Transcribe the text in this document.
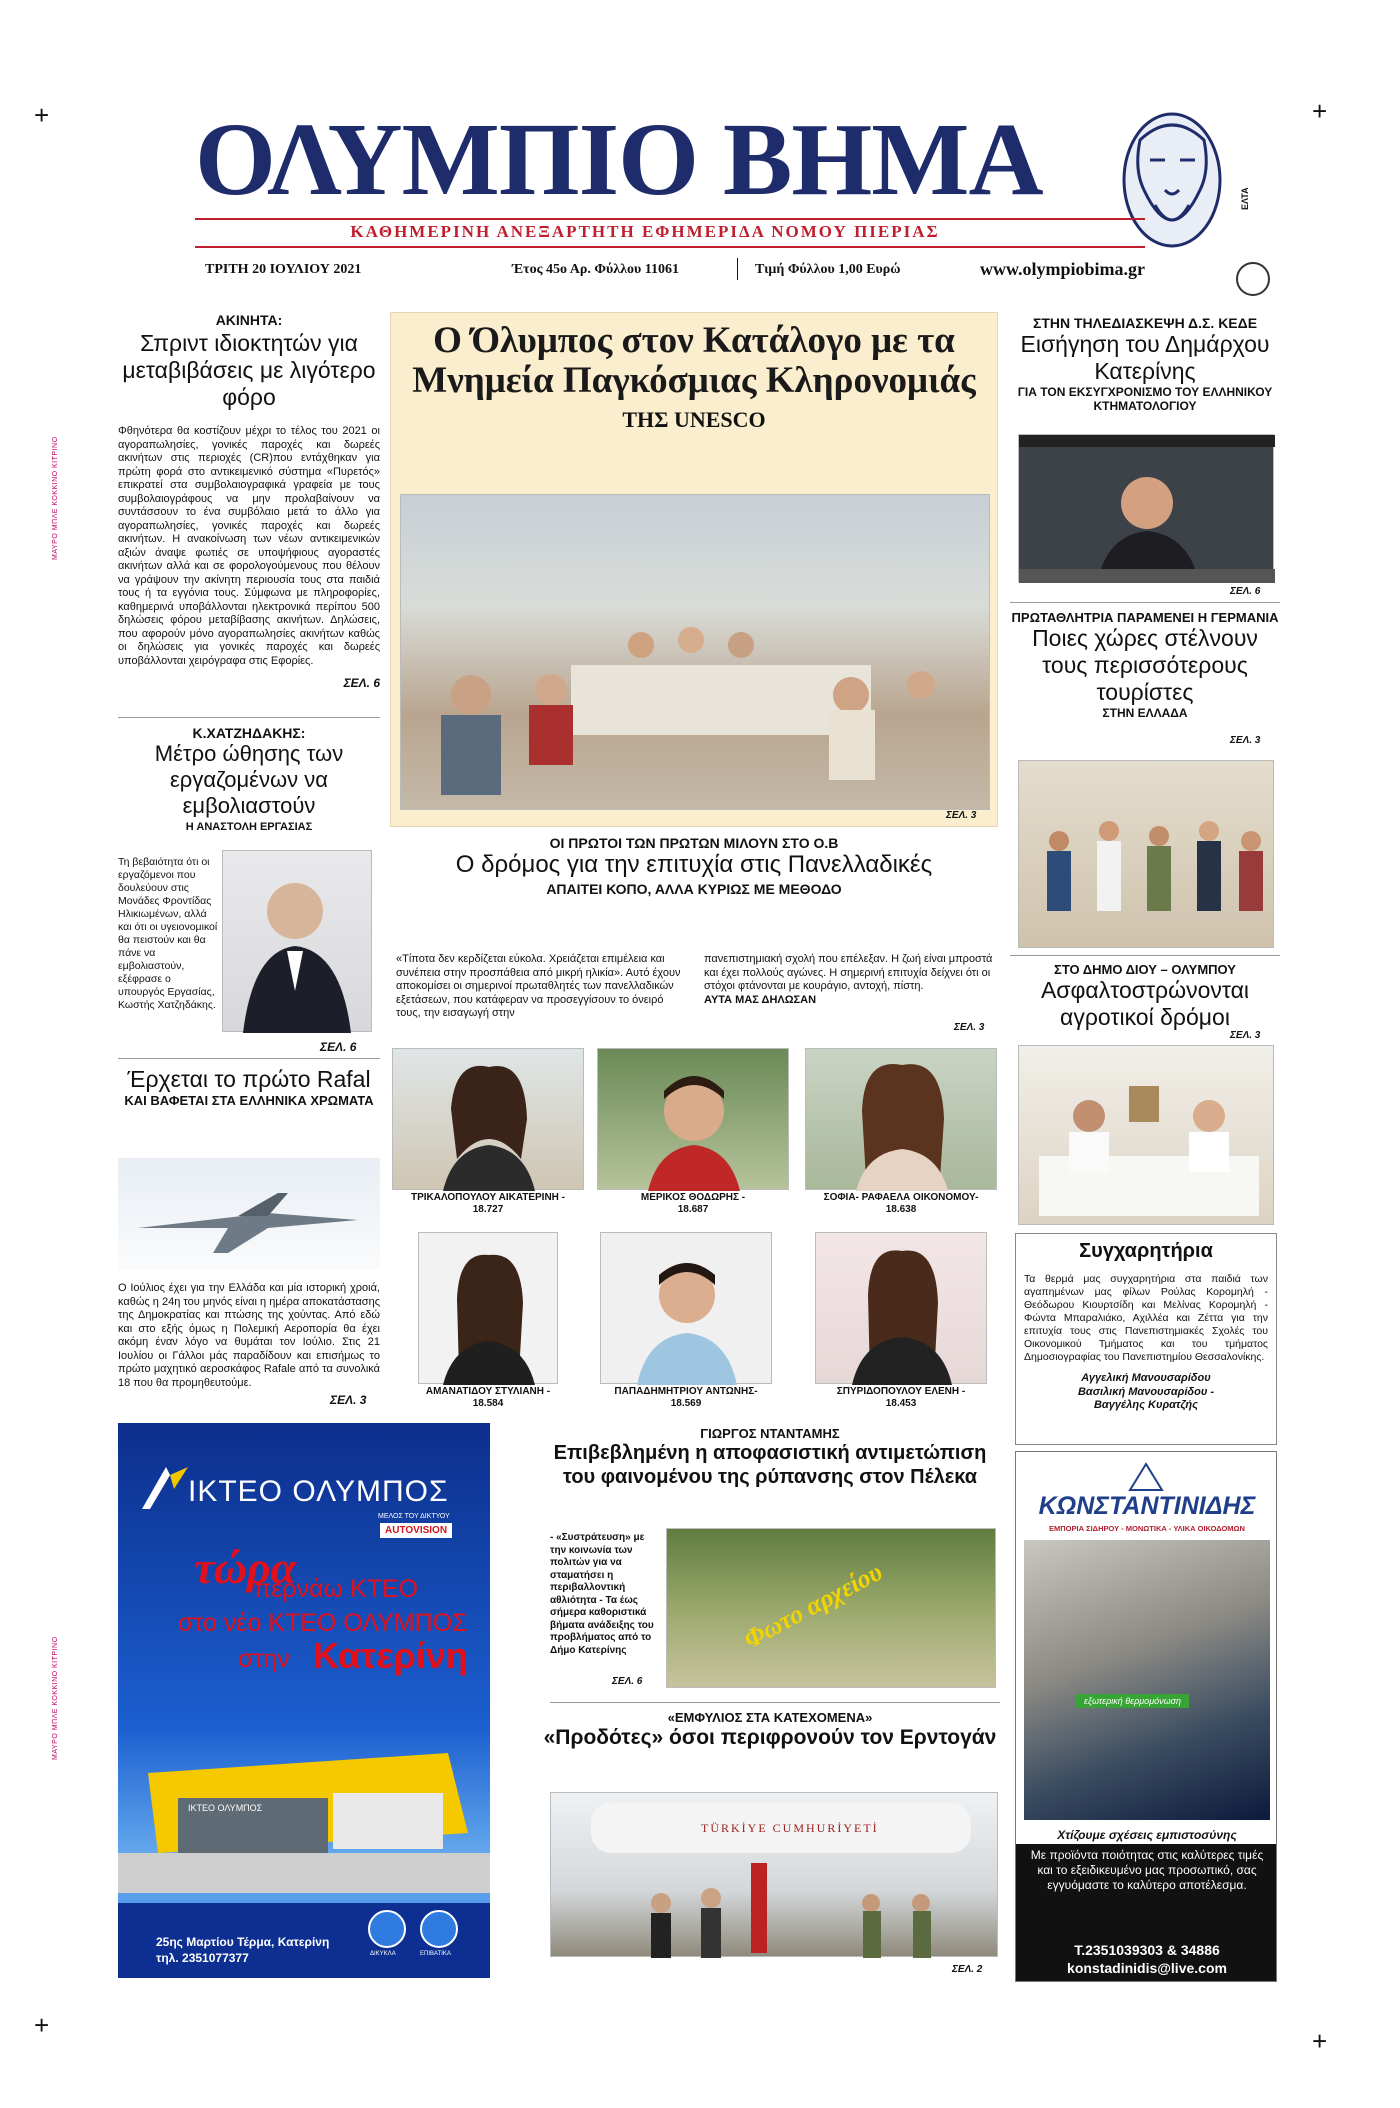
+	+
+
+
ΜΑΥΡΟ ΜΠΛΕ ΚΟΚΚΙΝΟ ΚΙΤΡΙΝΟ
ΜΑΥΡΟ ΜΠΛΕ ΚΟΚΚΙΝΟ ΚΙΤΡΙΝΟ
ΟΛΥΜΠΙΟ ΒΗΜΑ	ΕΛΤΑ
ΚΑΘΗΜΕΡΙΝΗ ΑΝΕΞΑΡΤΗΤΗ ΕΦΗΜΕΡΙΔΑ ΝΟΜΟΥ ΠΙΕΡΙΑΣ
ΤΡΙΤΗ 20 ΙΟΥΛΙΟΥ 2021	Έτος 45ο Αρ. Φύλλου 11061	Τιμή Φύλλου 1,00 Ευρώ	www.olympiobima.gr
ΑΚΙΝΗΤΑ:
Σπριντ ιδιοκτητών για μεταβιβάσεις με λιγότερο φόρο
Φθηνότερα θα κοστίζουν μέχρι το τέλος του 2021 οι αγοραπωλησίες, γονικές παροχές και δωρεές ακινήτων στις περιοχές (CR)που εντάχθηκαν για πρώτη φορά στο αντικειμενικό σύστημα «Πυρετός» επικρατεί στα συμβολαιογραφικά γραφεία με τους συμβολαιογράφους να μην προλαβαίνουν να συντάσσουν το ένα συμβόλαιο μετά το άλλο για αγοραπωλησίες, γονικές παροχές και δωρεές ακινήτων. Η ανακοίνωση των νέων αντικειμενικών αξιών άναψε φωτιές σε υποψήφιους αγοραστές ακινήτων αλλά και σε φορολογούμενους που θέλουν να γράψουν την ακίνητη περιουσία τους στα παιδιά τους ή τα εγγόνια τους. Σύμφωνα με πληροφορίες, καθημερινά υποβάλλονται ηλεκτρονικά περίπου 500 δηλώσεις φόρου μεταβίβασης ακινήτων. Δηλώσεις, που αφορούν μόνο αγοραπωλησίες ακινήτων καθώς οι δηλώσεις για γονικές παροχές και δωρεές υποβάλλονται χειρόγραφα στις Εφορίες.
ΣΕΛ. 6
Κ.ΧΑΤΖΗΔΑΚΗΣ:
Μέτρο ώθησης των εργαζομένων να εμβολιαστούν
Η ΑΝΑΣΤΟΛΗ ΕΡΓΑΣΙΑΣ
Τη βεβαιότητα ότι οι εργαζόμενοι που δουλεύουν στις Μονάδες Φροντίδας Ηλικιωμένων, αλλά και ότι οι υγειονομικοί θα πειστούν και θα πάνε να εμβολιαστούν, εξέφρασε ο υπουργός Εργασίας, Κωστής Χατζηδάκης.
ΣΕΛ. 6
Έρχεται το πρώτο Rafal
ΚΑΙ ΒΑΦΕΤΑΙ ΣΤΑ ΕΛΛΗΝΙΚΑ ΧΡΩΜΑΤΑ
Ο Ιούλιος έχει για την Ελλάδα και μία ιστορική χροιά, καθώς η 24η του μηνός είναι η ημέρα αποκατάστασης της Δημοκρατίας και πτώσης της χούντας. Από εδώ και στο εξής όμως η Πολεμική Αεροπορία θα έχει ακόμη έναν λόγο να θυμάται τον Ιούλιο. Στις 21 Ιουλίου οι Γάλλοι μάς παραδίδουν και επισήμως το πρώτο μαχητικό αεροσκάφος Rafale από τα συνολικά 18 που θα προμηθευτούμε.
ΣΕΛ. 3
Ο Όλυμπος στον Κατάλογο με τα Μνημεία Παγκόσμιας Κληρονομιάς
ΤΗΣ UNESCO
ΣΕΛ. 3
ΣΤΗΝ ΤΗΛΕΔΙΑΣΚΕΨΗ Δ.Σ. ΚΕΔΕ
Εισήγηση του Δημάρχου Κατερίνης
ΓΙΑ ΤΟΝ ΕΚΣΥΓΧΡΟΝΙΣΜΟ ΤΟΥ ΕΛΛΗΝΙΚΟΥ ΚΤΗΜΑΤΟΛΟΓΙΟΥ
ΣΕΛ. 6
ΠΡΩΤΑΘΛΗΤΡΙΑ ΠΑΡΑΜΕΝΕΙ Η ΓΕΡΜΑΝΙΑ
Ποιες χώρες στέλνουν τους περισσότερους τουρίστες
ΣΤΗΝ ΕΛΛΑΔΑ
ΣΕΛ. 3
ΣΤΟ ΔΗΜΟ ΔΙΟΥ – ΟΛΥΜΠΟΥ
Ασφαλτοστρώνονται αγροτικοί δρόμοι
ΣΕΛ. 3
Συγχαρητήρια
Τα θερμά μας συγχαρητήρια στα παιδιά των αγαπημένων μας φίλων Ρούλας Κορομηλή - Θεόδωρου Κιουρτσίδη και Μελίνας Κορομηλή - Φώντα Μπαραλιάκο, Αχιλλέα και Ζέττα για την επιτυχία τους στις Πανεπιστημιακές Σχολές του Οικονομικού Τμήματος και του τμήματος Δημοσιογραφίας του Πανεπιστημίου Θεσσαλονίκης.
Αγγελική Μανουσαρίδου
Βασιλική Μανουσαρίδου -
Βαγγέλης Κυρατζής
ΟΙ ΠΡΩΤΟΙ ΤΩΝ ΠΡΩΤΩΝ ΜΙΛΟΥΝ ΣΤΟ Ο.Β
Ο δρόμος για την επιτυχία στις Πανελλαδικές
ΑΠΑΙΤΕΙ ΚΟΠΟ, ΑΛΛΑ ΚΥΡΙΩΣ ΜΕ ΜΕΘΟΔΟ
«Τίποτα δεν κερδίζεται εύκολα. Χρειάζεται επιμέλεια και συνέπεια στην προσπάθεια από μικρή ηλικία». Αυτό έχουν αποκομίσει οι σημερινοί πρωταθλητές των πανελλαδικών εξετάσεων, που κατάφεραν να προσεγγίσουν το όνειρό τους, την εισαγωγή στην
πανεπιστημιακή σχολή που επέλεξαν. Η ζωή είναι μπροστά και έχει πολλούς αγώνες. Η σημερινή επιτυχία δείχνει ότι οι στόχοι φτάνονται με κουράγιο, αντοχή, πίστη.
ΑΥΤΑ ΜΑΣ ΔΗΛΩΣΑΝ
ΣΕΛ. 3
ΤΡΙΚΑΛΟΠΟΥΛΟΥ ΑΙΚΑΤΕΡΙΝΗ -
18.727
ΜΕΡΙΚΟΣ ΘΟΔΩΡΗΣ -
18.687
ΣΟΦΙΑ- ΡΑΦΑΕΛΑ ΟΙΚΟΝΟΜΟΥ-
18.638
ΑΜΑΝΑΤΙΔΟΥ ΣΤΥΛΙΑΝΗ -
18.584
ΠΑΠΑΔΗΜΗΤΡΙΟΥ ΑΝΤΩΝΗΣ-
18.569
ΣΠΥΡΙΔΟΠΟΥΛΟΥ ΕΛΕΝΗ -
18.453
ΙΚΤΕΟ ΟΛΥΜΠΟΣ
ΜΕΛΟΣ ΤΟΥ ΔΙΚΤΥΟΥ
AUTOVISION
τώρα
περνάω ΚΤΕΟ
στο νέο ΚΤΕΟ ΟΛΥΜΠΟΣ
στην Κατερίνη
ΙΚΤΕΟ ΟΛΥΜΠΟΣ
25ης Μαρτίου Τέρμα, Κατερίνη
τηλ. 2351077377	ΔΙΚΥΚΛΑ	ΕΠΙΒΑΤΙΚΑ
ΓΙΩΡΓΟΣ ΝΤΑΝΤΑΜΗΣ
Επιβεβλημένη η αποφασιστική αντιμετώπιση του φαινομένου της ρύπανσης στον Πέλεκα
- «Συστράτευση» με την κοινωνία των πολιτών για να σταματήσει η περιβαλλοντική αθλιότητα - Τα έως σήμερα καθοριστικά βήματα ανάδειξης του προβλήματος από το Δήμο Κατερίνης	Φωτο αρχείου
ΣΕΛ. 6
«ΕΜΦΥΛΙΟΣ ΣΤΑ ΚΑΤΕΧΟΜΕΝΑ»
«Προδότες» όσοι περιφρονούν τον Ερντογάν
TÜRKİYE CUMHURİYETİ
ΣΕΛ. 2
ΚΩΝΣΤΑΝΤΙΝΙΔΗΣ
ΕΜΠΟΡΙΑ ΣΙΔΗΡΟΥ - ΜΟΝΩΤΙΚΑ - ΥΛΙΚΑ ΟΙΚΟΔΟΜΩΝ
εξωτερική θερμομόνωση
Χτίζουμε σχέσεις εμπιστοσύνης
Με προϊόντα ποιότητας στις καλύτερες τιμές και το εξειδικευμένο μας προσωπικό, σας εγγυόμαστε το καλύτερο αποτέλεσμα.
Τ.2351039303 & 34886
konstadinidis@live.com
